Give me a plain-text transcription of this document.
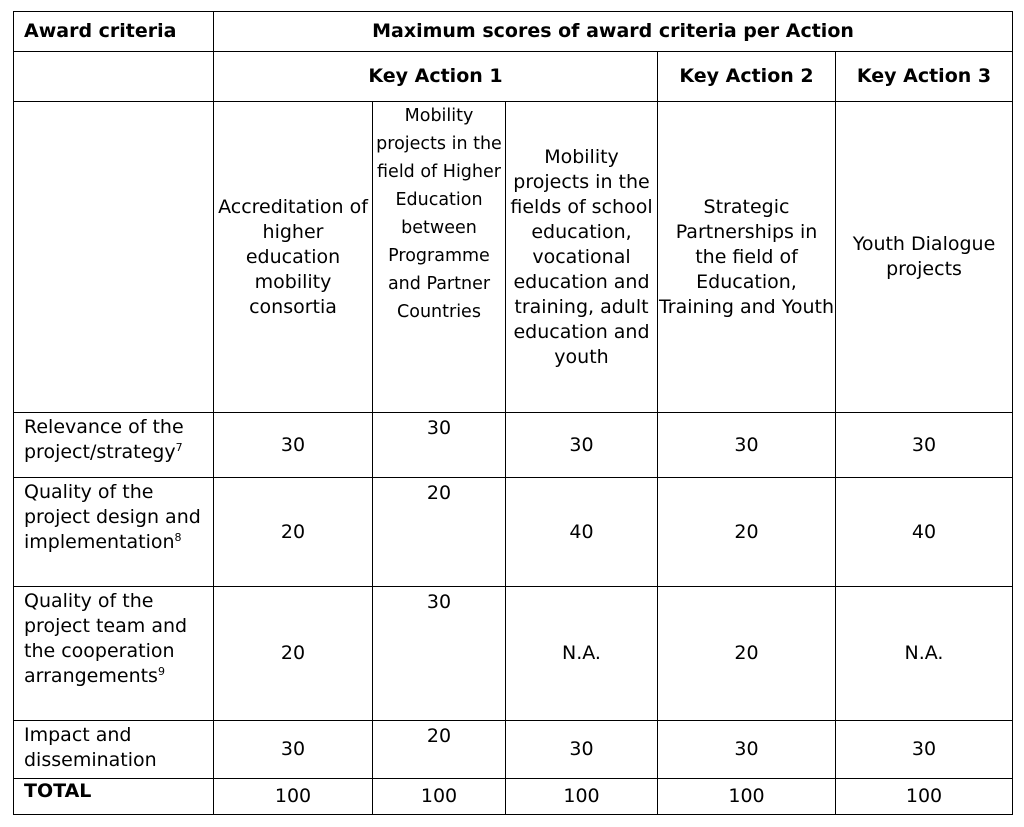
Award criteria	Maximum scores of award criteria per Action				
	Key Action 1			Key Action 2	Key Action 3
	Accreditation of higher education mobility consortia	Mobility projects in the field of Higher Education between Programme and Partner Countries	Mobility projects in the fields of school education, vocational education and training, adult education and youth	Strategic Partnerships in the field of Education, Training and Youth	Youth Dialogue projects
Relevance of the project/strategy$^7$	30	30	30	30	30
Quality of the project design and implementation$^8$	20	20	40	20	40
Quality of the project team and the cooperation arrangements$^9$	20	30	N.A.	20	N.A.
Impact and dissemination	30	20	30	30	30
TOTAL	100	100	100	100	100
